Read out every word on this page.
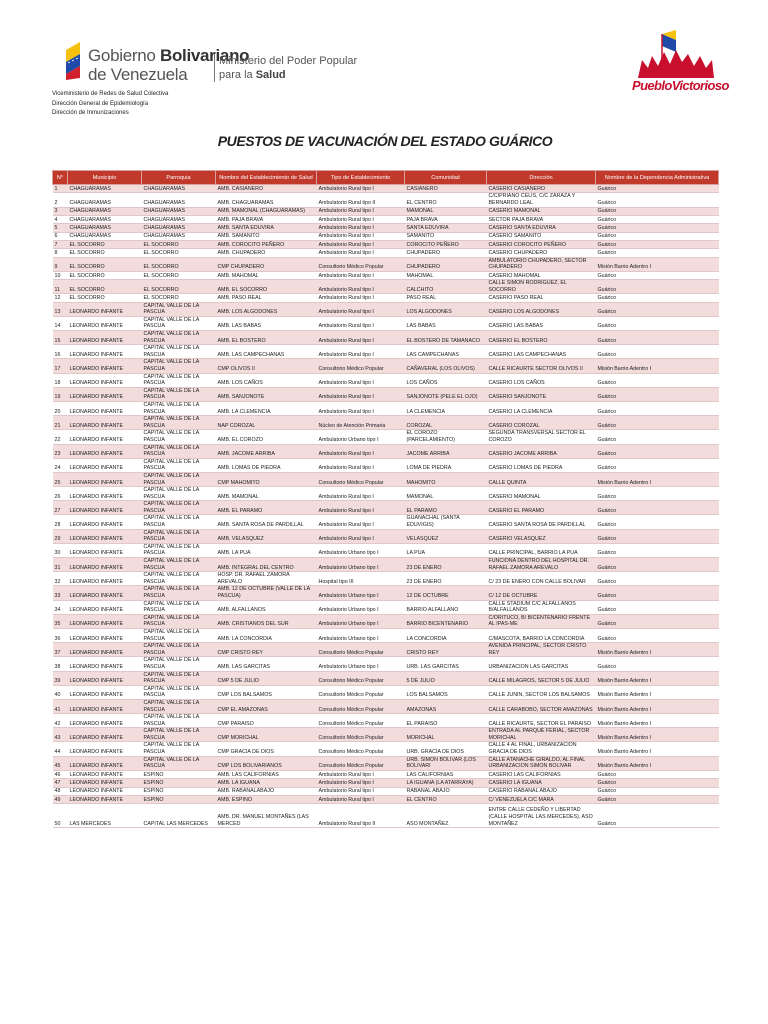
Gobierno Bolivariano
de Venezuela
Ministerio del Poder Popular
para la Salud
PuebloVictorioso
Viceministerio de Redes de Salud Colectiva
Dirección General de Epidemiología
Dirección de Inmunizaciones
PUESTOS DE VACUNACIÓN DEL ESTADO GUÁRICO
N°	Municipio	Parroquia	Nombre del Establecimiento de Salud	Tipo de Establecimiento	Comunidad	Dirección	Nombre de la Dependencia Administrativa
1	CHAGUARAMAS	CHAGUARAMAS	AMB. CASIANERO	Ambulatorio Rural tipo I	CASIANERO	CASERIO CASIANERO	Guárico
2	CHAGUARAMAS	CHAGUARAMAS	AMB. CHAGUARAMAS	Ambulatorio Rural tipo II	EL CENTRO	C/CIPRIANO CELIS, C/C ZARAZA Y BERNARDO LEAL	Guárico
3	CHAGUARAMAS	CHAGUARAMAS	AMB. MAMONAL (CHAGUARAMAS)	Ambulatorio Rural tipo I	MAMONAL	CASERIO MAMONAL	Guárico
4	CHAGUARAMAS	CHAGUARAMAS	AMB. PAJA BRAVA	Ambulatorio Rural tipo I	PAJA BRAVA	SECTOR PAJA BRAVA	Guárico
5	CHAGUARAMAS	CHAGUARAMAS	AMB. SANTA EDUVIRA	Ambulatorio Rural tipo I	SANTA EDUVIRA	CASERIO SANTA EDUVIRA	Guárico
6	CHAGUARAMAS	CHAGUARAMAS	AMB. SAMANITO	Ambulatorio Rural tipo I	SAMANITO	CASERIO SAMANITO	Guárico
7	EL SOCORRO	EL SOCORRO	AMB. COROCITO PEÑERO	Ambulatorio Rural tipo I	COROCITO PEÑERO	CASERIO COROCITO PEÑERO	Guárico
8	EL SOCORRO	EL SOCORRO	AMB. CHUPADERO	Ambulatorio Rural tipo I	CHUPADERO	CASERIO CHUPADERO	Guárico
9	EL SOCORRO	EL SOCORRO	CMP CHUPADERO	Consultorio Médico Popular	CHUPADERO	AMBULATORIO CHUPADERO, SECTOR CHUPADERO	Misión Barrio Adentro I
10	EL SOCORRO	EL SOCORRO	AMB. MAHOMAL	Ambulatorio Rural tipo I	MAHOMAL	CASERIO MAHOMAL	Guárico
11	EL SOCORRO	EL SOCORRO	AMB. EL SOCORRO	Ambulatorio Rural tipo I	CALCHITO	CALLE SIMON RODRIGUEZ, EL SOCORRO	Guárico
12	EL SOCORRO	EL SOCORRO	AMB. PASO REAL	Ambulatorio Rural tipo I	PASO REAL	CASERIO PASO REAL	Guárico
13	LEONARDO INFANTE	CAPITAL VALLE DE LA PASCUA	AMB. LOS ALGODONES	Ambulatorio Rural tipo I	LOS ALGODONES	CASERIO LOS ALGODONES	Guárico
14	LEONARDO INFANTE	CAPITAL VALLE DE LA PASCUA	AMB. LAS BABAS	Ambulatorio Rural tipo I	LAS BABAS	CASERIO LAS BABAS	Guárico
15	LEONARDO INFANTE	CAPITAL VALLE DE LA PASCUA	AMB. EL BOSTERO	Ambulatorio Rural tipo I	EL BOSTERO DE TAMANACO	CASERIO EL BOSTERO	Guárico
16	LEONARDO INFANTE	CAPITAL VALLE DE LA PASCUA	AMB. LAS CAMPECHANAS	Ambulatorio Rural tipo I	LAS CAMPECHANAS	CASERIO LAS CAMPECHANAS	Guárico
17	LEONARDO INFANTE	CAPITAL VALLE DE LA PASCUA	CMP OLIVOS II	Consultorio Médico Popular	CAÑAVERAL (LOS OLIVOS)	CALLE RICAURTE SECTOR OLIVOS II	Misión Barrio Adentro I
18	LEONARDO INFANTE	CAPITAL VALLE DE LA PASCUA	AMB. LOS CAÑOS	Ambulatorio Rural tipo I	LOS CAÑOS	CASERIO LOS CAÑOS	Guárico
19	LEONARDO INFANTE	CAPITAL VALLE DE LA PASCUA	AMB. SANJONOTE	Ambulatorio Rural tipo I	SANJONOTE (PELE EL OJO)	CASERIO SANJONOTE	Guárico
20	LEONARDO INFANTE	CAPITAL VALLE DE LA PASCUA	AMB. LA CLEMENCIA	Ambulatorio Rural tipo I	LA CLEMENCIA	CASERIO LA CLEMENCIA	Guárico
21	LEONARDO INFANTE	CAPITAL VALLE DE LA PASCUA	NAP COROZAL	Núcleo de Atención Primaria	COROZAL	CASERIO COROZAL	Guárico
22	LEONARDO INFANTE	CAPITAL VALLE DE LA PASCUA	AMB. EL COROZO	Ambulatorio Urbano tipo I	EL COROZO (PARCELAMIENTO)	SEGUNDA TRANSVERSAL SECTOR EL COROZO	Guárico
23	LEONARDO INFANTE	CAPITAL VALLE DE LA PASCUA	AMB. JACOME ARRIBA	Ambulatorio Rural tipo I	JACOME ARRIBA	CASERIO JACOME ARRIBA	Guárico
24	LEONARDO INFANTE	CAPITAL VALLE DE LA PASCUA	AMB. LOMAS DE PIEDRA	Ambulatorio Rural tipo I	LOMA DE PIEDRA	CASERIO LOMAS DE PIEDRA	Guárico
25	LEONARDO INFANTE	CAPITAL VALLE DE LA PASCUA	CMP MAHOMITO	Consultorio Médico Popular	MAHOMITO	CALLE QUINTA	Misión Barrio Adentro I
26	LEONARDO INFANTE	CAPITAL VALLE DE LA PASCUA	AMB. MAMONAL	Ambulatorio Rural tipo I	MAMONAL	CASERIO MAMONAL	Guárico
27	LEONARDO INFANTE	CAPITAL VALLE DE LA PASCUA	AMB. EL PARAMO	Ambulatorio Rural tipo I	EL PARAMO	CASERIO EL PARAMO	Guárico
28	LEONARDO INFANTE	CAPITAL VALLE DE LA PASCUA	AMB. SANTA ROSA DE PARDILLAL	Ambulatorio Rural tipo I	GUANACHAL (SANTA EDUVIGIS)	CASERIO SANTA ROSA DE PARDILLAL	Guárico
29	LEONARDO INFANTE	CAPITAL VALLE DE LA PASCUA	AMB. VELASQUEZ	Ambulatorio Rural tipo I	VELASQUEZ	CASERIO VELASQUEZ	Guárico
30	LEONARDO INFANTE	CAPITAL VALLE DE LA PASCUA	AMB. LA PUA	Ambulatorio Urbano tipo I	LA PUA	CALLE PRINCIPAL, BARRIO LA PUA	Guárico
31	LEONARDO INFANTE	CAPITAL VALLE DE LA PASCUA	AMB. INTEGRAL DEL CENTRO	Ambulatorio Urbano tipo I	23 DE ENERO	FUNCIONA DENTRO DEL HOSPITAL DR. RAFAEL ZAMORA AREVALO	Guárico
32	LEONARDO INFANTE	CAPITAL VALLE DE LA PASCUA	HOSP. DR. RAFAEL ZAMORA AREVALO	Hospital tipo III	23 DE ENERO	C/ 23 DE ENERO CON CALLE BOLIVAR	Guárico
33	LEONARDO INFANTE	CAPITAL VALLE DE LA PASCUA	AMB. 12 DE OCTUBRE (VALLE DE LA PASCUA)	Ambulatorio Urbano tipo I	12 DE OCTUBRE	C/ 12 DE OCTUBRE	Guárico
34	LEONARDO INFANTE	CAPITAL VALLE DE LA PASCUA	AMB. ALFALLANOS	Ambulatorio Urbano tipo I	BARRIO ALFALLANO	CALLE STADIUM C/C ALFALLANOS B/ALFALLANOS	Guárico
35	LEONARDO INFANTE	CAPITAL VALLE DE LA PASCUA	AMB. CRISTIANOS DEL SUR	Ambulatorio Urbano tipo I	BARRIO BICENTENARIO	C/ORITUCO, B/ BICENTENARIO FRENTE AL IPAS-ME	Guárico
36	LEONARDO INFANTE	CAPITAL VALLE DE LA PASCUA	AMB. LA CONCORDIA	Ambulatorio Urbano tipo I	LA CONCORDIA	C/MASCOTA, BARRIO LA CONCORDIA	Guárico
37	LEONARDO INFANTE	CAPITAL VALLE DE LA PASCUA	CMP CRISTO REY	Consultorio Médico Popular	CRISTO REY	AVENIDA PRINCIPAL, SECTOR CRISTO REY	Misión Barrio Adentro I
38	LEONARDO INFANTE	CAPITAL VALLE DE LA PASCUA	AMB. LAS GARCITAS	Ambulatorio Urbano tipo I	URB. LAS GARCITAS	URBANIZACION LAS GARCITAS	Guárico
39	LEONARDO INFANTE	CAPITAL VALLE DE LA PASCUA	CMP 5 DE JULIO	Consultorio Médico Popular	5 DE JULIO	CALLE MILAGROS, SECTOR 5 DE JULIO	Misión Barrio Adentro I
40	LEONARDO INFANTE	CAPITAL VALLE DE LA PASCUA	CMP LOS BALSAMOS	Consultorio Médico Popular	LOS BALSAMOS	CALLE JUNIN, SECTOR LOS BALSAMOS	Misión Barrio Adentro I
41	LEONARDO INFANTE	CAPITAL VALLE DE LA PASCUA	CMP EL AMAZONAS	Consultorio Médico Popular	AMAZONAS	CALLE CARABOBO, SECTOR AMAZONAS	Misión Barrio Adentro I
42	LEONARDO INFANTE	CAPITAL VALLE DE LA PASCUA	CMP PARAISO	Consultorio Médico Popular	EL PARAISO	CALLE RICAURTE, SECTOR EL PARAISO	Misión Barrio Adentro I
43	LEONARDO INFANTE	CAPITAL VALLE DE LA PASCUA	CMP MORICHAL	Consultorio Médico Popular	MORICHAL	ENTRADA AL PARQUE FERIAL, SECTOR MORICHAL	Misión Barrio Adentro I
44	LEONARDO INFANTE	CAPITAL VALLE DE LA PASCUA	CMP GRACIA DE DIOS	Consultorio Médico Popular	URB. GRACIA DE DIOS	CALLE 4 AL FINAL, URBANIZACION GRACIA DE DIOS	Misión Barrio Adentro I
45	LEONARDO INFANTE	CAPITAL VALLE DE LA PASCUA	CMP LOS BOLIVARIANOS	Consultorio Médico Popular	URB. SIMON BOLIVAR (LOS BOLIVARI	CALLE ATANACHE GIRALDO, AL FINAL URBANIZACION SIMON BOLIVAR	Misión Barrio Adentro I
46	LEONARDO INFANTE	ESPINO	AMB. LAS CALIFORNIAS	Ambulatorio Rural tipo I	LAS CALIFORNIAS	CASERIO LAS CALIFORNIAS	Guárico
47	LEONARDO INFANTE	ESPINO	AMB. LA IGUANA	Ambulatorio Rural tipo I	LA IGUANA (LA ATARRAYA)	CASERIO LA IGUANA	Guárico
48	LEONARDO INFANTE	ESPINO	AMB. RABANALABAJO	Ambulatorio Rural tipo I	RABANAL ABAJO	CASERIO RABANAL ABAJO	Guárico
49	LEONARDO INFANTE	ESPINO	AMB. ESPINO	Ambulatorio Rural tipo I	EL CENTRO	C/ VENEZUELA C/C MARA	Guárico
50	LAS MERCEDES	CAPITAL LAS MERCEDES	AMB. DR. MANUEL MONTAÑES (LAS MERCED	Ambulatorio Rural tipo II	ASO MONTAÑEZ	ENTRE CALLE CEDEÑO Y LIBERTAD (CALLE HOSPITAL LAS MERCEDES). ASO MONTAÑEZ	Guárico
